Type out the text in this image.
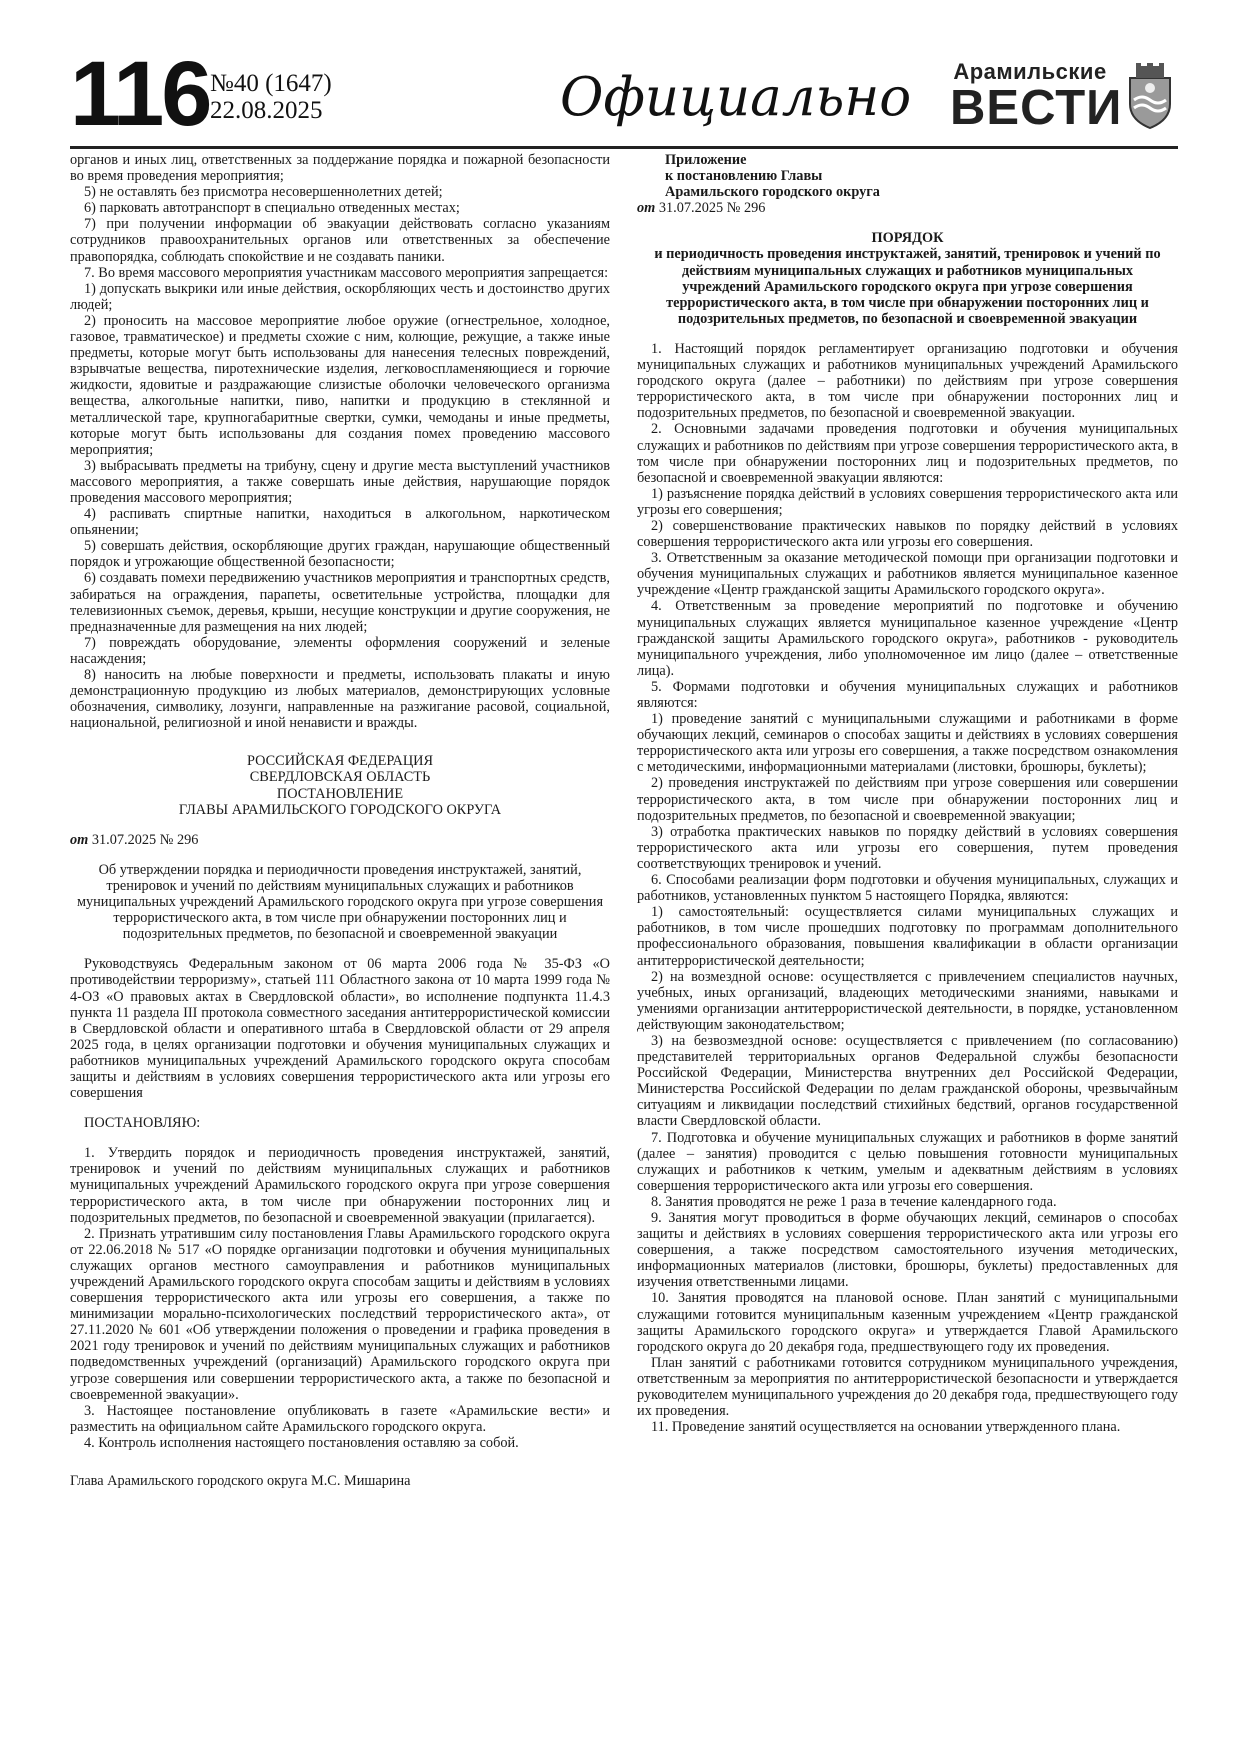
116 №40 (1647)
22.08.2025	Официально Арамильские
ВЕСТИ

органов и иных лиц, ответственных за поддержание порядка и пожарной безопасности во время проведения мероприятия;

5) не оставлять без присмотра несовершеннолетних детей;

6) парковать автотранспорт в специально отведенных местах;

7) при получении информации об эвакуации действовать согласно указаниям сотрудников правоохранительных органов или ответственных за обеспечение правопорядка, соблюдать спокойствие и не создавать паники.

7. Во время массового мероприятия участникам массового мероприятия запрещается:

1) допускать выкрики или иные действия, оскорбляющих честь и достоинство других людей;

2) проносить на массовое мероприятие любое оружие (огнестрельное, холодное, газовое, травматическое) и предметы схожие с ним, колющие, режущие, а также иные предметы, которые могут быть использованы для нанесения телесных повреждений, взрывчатые вещества, пиротехнические изделия, легковоспламеняющиеся и горючие жидкости, ядовитые и раздражающие слизистые оболочки человеческого организма вещества, алкогольные напитки, пиво, напитки и продукцию в стеклянной и металлической таре, крупногабаритные свертки, сумки, чемоданы и иные предметы, которые могут быть использованы для создания помех проведению массового мероприятия;

3) выбрасывать предметы на трибуну, сцену и другие места выступлений участников массового мероприятия, а также совершать иные действия, нарушающие порядок проведения массового мероприятия;

4) распивать спиртные напитки, находиться в алкогольном, наркотическом опьянении;

5) совершать действия, оскорбляющие других граждан, нарушающие общественный порядок и угрожающие общественной безопасности;

6) создавать помехи передвижению участников мероприятия и транспортных средств, забираться на ограждения, парапеты, осветительные устройства, площадки для телевизионных съемок, деревья, крыши, несущие конструкции и другие сооружения, не предназначенные для размещения на них людей;

7) повреждать оборудование, элементы оформления сооружений и зеленые насаждения;

8) наносить на любые поверхности и предметы, использовать плакаты и иную демонстрационную продукцию из любых материалов, демонстрирующих условные обозначения, символику, лозунги, направленные на разжигание расовой, социальной, национальной, религиозной и иной ненависти и вражды.

РОССИЙСКАЯ ФЕДЕРАЦИЯ

СВЕРДЛОВСКАЯ ОБЛАСТЬ

ПОСТАНОВЛЕНИЕ

ГЛАВЫ АРАМИЛЬСКОГО ГОРОДСКОГО ОКРУГА

от 31.07.2025 № 296

Об утверждении порядка и периодичности проведения инструктажей, занятий, тренировок и учений по действиям муниципальных служащих и работников муниципальных учреждений Арамильского городского округа при угрозе совершения террористического акта, в том числе при обнаружении посторонних лиц и подозрительных предметов, по безопасной и своевременной эвакуации

Руководствуясь Федеральным законом от 06 марта 2006 года № 35-ФЗ «О противодействии терроризму», статьей 111 Областного закона от 10 марта 1999 года № 4-ОЗ «О правовых актах в Свердловской области», во исполнение подпункта 11.4.3 пункта 11 раздела III протокола совместного заседания антитеррористической комиссии в Свердловской области и оперативного штаба в Свердловской области от 29 апреля 2025 года, в целях организации подготовки и обучения муниципальных служащих и работников муниципальных учреждений Арамильского городского округа способам защиты и действиям в условиях совершения террористического акта или угрозы его совершения

ПОСТАНОВЛЯЮ:

1. Утвердить порядок и периодичность проведения инструктажей, занятий, тренировок и учений по действиям муниципальных служащих и работников муниципальных учреждений Арамильского городского округа при угрозе совершения террористического акта, в том числе при обнаружении посторонних лиц и подозрительных предметов, по безопасной и своевременной эвакуации (прилагается).

2. Признать утратившим силу постановления Главы Арамильского городского округа от 22.06.2018 № 517 «О порядке организации подготовки и обучения муниципальных служащих органов местного самоуправления и работников муниципальных учреждений Арамильского городского округа способам защиты и действиям в условиях совершения террористического акта или угрозы его совершения, а также по минимизации морально-психологических последствий террористического акта», от 27.11.2020 № 601 «Об утверждении положения о проведении и графика проведения в 2021 году тренировок и учений по действиям муниципальных служащих и работников подведомственных учреждений (организаций) Арамильского городского округа при угрозе совершения или совершении террористического акта, а также по безопасной и своевременной эвакуации».

3. Настоящее постановление опубликовать в газете «Арамильские вести» и разместить на официальном сайте Арамильского городского округа.

4. Контроль исполнения настоящего постановления оставляю за собой.

Глава Арамильского городского округа М.С. Мишарина

Приложение

к постановлению Главы

Арамильского городского округа

от 31.07.2025 № 296

ПОРЯДОК

и периодичность проведения инструктажей, занятий, тренировок и учений по действиям муниципальных служащих и работников муниципальных учреждений Арамильского городского округа при угрозе совершения террористического акта, в том числе при обнаружении посторонних лиц и подозрительных предметов, по безопасной и своевременной эвакуации

1. Настоящий порядок регламентирует организацию подготовки и обучения муниципальных служащих и работников муниципальных учреждений Арамильского городского округа (далее – работники) по действиям при угрозе совершения террористического акта, в том числе при обнаружении посторонних лиц и подозрительных предметов, по безопасной и своевременной эвакуации.

2. Основными задачами проведения подготовки и обучения муниципальных служащих и работников по действиям при угрозе совершения террористического акта, в том числе при обнаружении посторонних лиц и подозрительных предметов, по безопасной и своевременной эвакуации являются:

1) разъяснение порядка действий в условиях совершения террористического акта или угрозы его совершения;

2) совершенствование практических навыков по порядку действий в условиях совершения террористического акта или угрозы его совершения.

3. Ответственным за оказание методической помощи при организации подготовки и обучения муниципальных служащих и работников является муниципальное казенное учреждение «Центр гражданской защиты Арамильского городского округа».

4. Ответственным за проведение мероприятий по подготовке и обучению муниципальных служащих является муниципальное казенное учреждение «Центр гражданской защиты Арамильского городского округа», работников - руководитель муниципального учреждения, либо уполномоченное им лицо (далее – ответственные лица).

5. Формами подготовки и обучения муниципальных служащих и работников являются:

1) проведение занятий с муниципальными служащими и работниками в форме обучающих лекций, семинаров о способах защиты и действиях в условиях совершения террористического акта или угрозы его совершения, а также посредством ознакомления с методическими, информационными материалами (листовки, брошюры, буклеты);

2) проведения инструктажей по действиям при угрозе совершения или совершении террористического акта, в том числе при обнаружении посторонних лиц и подозрительных предметов, по безопасной и своевременной эвакуации;

3) отработка практических навыков по порядку действий в условиях совершения террористического акта или угрозы его совершения, путем проведения соответствующих тренировок и учений.

6. Способами реализации форм подготовки и обучения муниципальных, служащих и работников, установленных пунктом 5 настоящего Порядка, являются:

1) самостоятельный: осуществляется силами муниципальных служащих и работников, в том числе прошедших подготовку по программам дополнительного профессионального образования, повышения квалификации в области организации антитеррористической деятельности;

2) на возмездной основе: осуществляется с привлечением специалистов научных, учебных, иных организаций, владеющих методическими знаниями, навыками и умениями организации антитеррористической деятельности, в порядке, установленном действующим законодательством;

3) на безвозмездной основе: осуществляется с привлечением (по согласованию) представителей территориальных органов Федеральной службы безопасности Российской Федерации, Министерства внутренних дел Российской Федерации, Министерства Российской Федерации по делам гражданской обороны, чрезвычайным ситуациям и ликвидации последствий стихийных бедствий, органов государственной власти Свердловской области.

7. Подготовка и обучение муниципальных служащих и работников в форме занятий (далее – занятия) проводится с целью повышения готовности муниципальных служащих и работников к четким, умелым и адекватным действиям в условиях совершения террористического акта или угрозы его совершения.

8. Занятия проводятся не реже 1 раза в течение календарного года.

9. Занятия могут проводиться в форме обучающих лекций, семинаров о способах защиты и действиях в условиях совершения террористического акта или угрозы его совершения, а также посредством самостоятельного изучения методических, информационных материалов (листовки, брошюры, буклеты) предоставленных для изучения ответственными лицами.

10. Занятия проводятся на плановой основе. План занятий с муниципальными служащими готовится муниципальным казенным учреждением «Центр гражданской защиты Арамильского городского округа» и утверждается Главой Арамильского городского округа до 20 декабря года, предшествующего году их проведения.

План занятий с работниками готовится сотрудником муниципального учреждения, ответственным за мероприятия по антитеррористической безопасности и утверждается руководителем муниципального учреждения до 20 декабря года, предшествующего году их проведения.

11. Проведение занятий осуществляется на основании утвержденного плана.
